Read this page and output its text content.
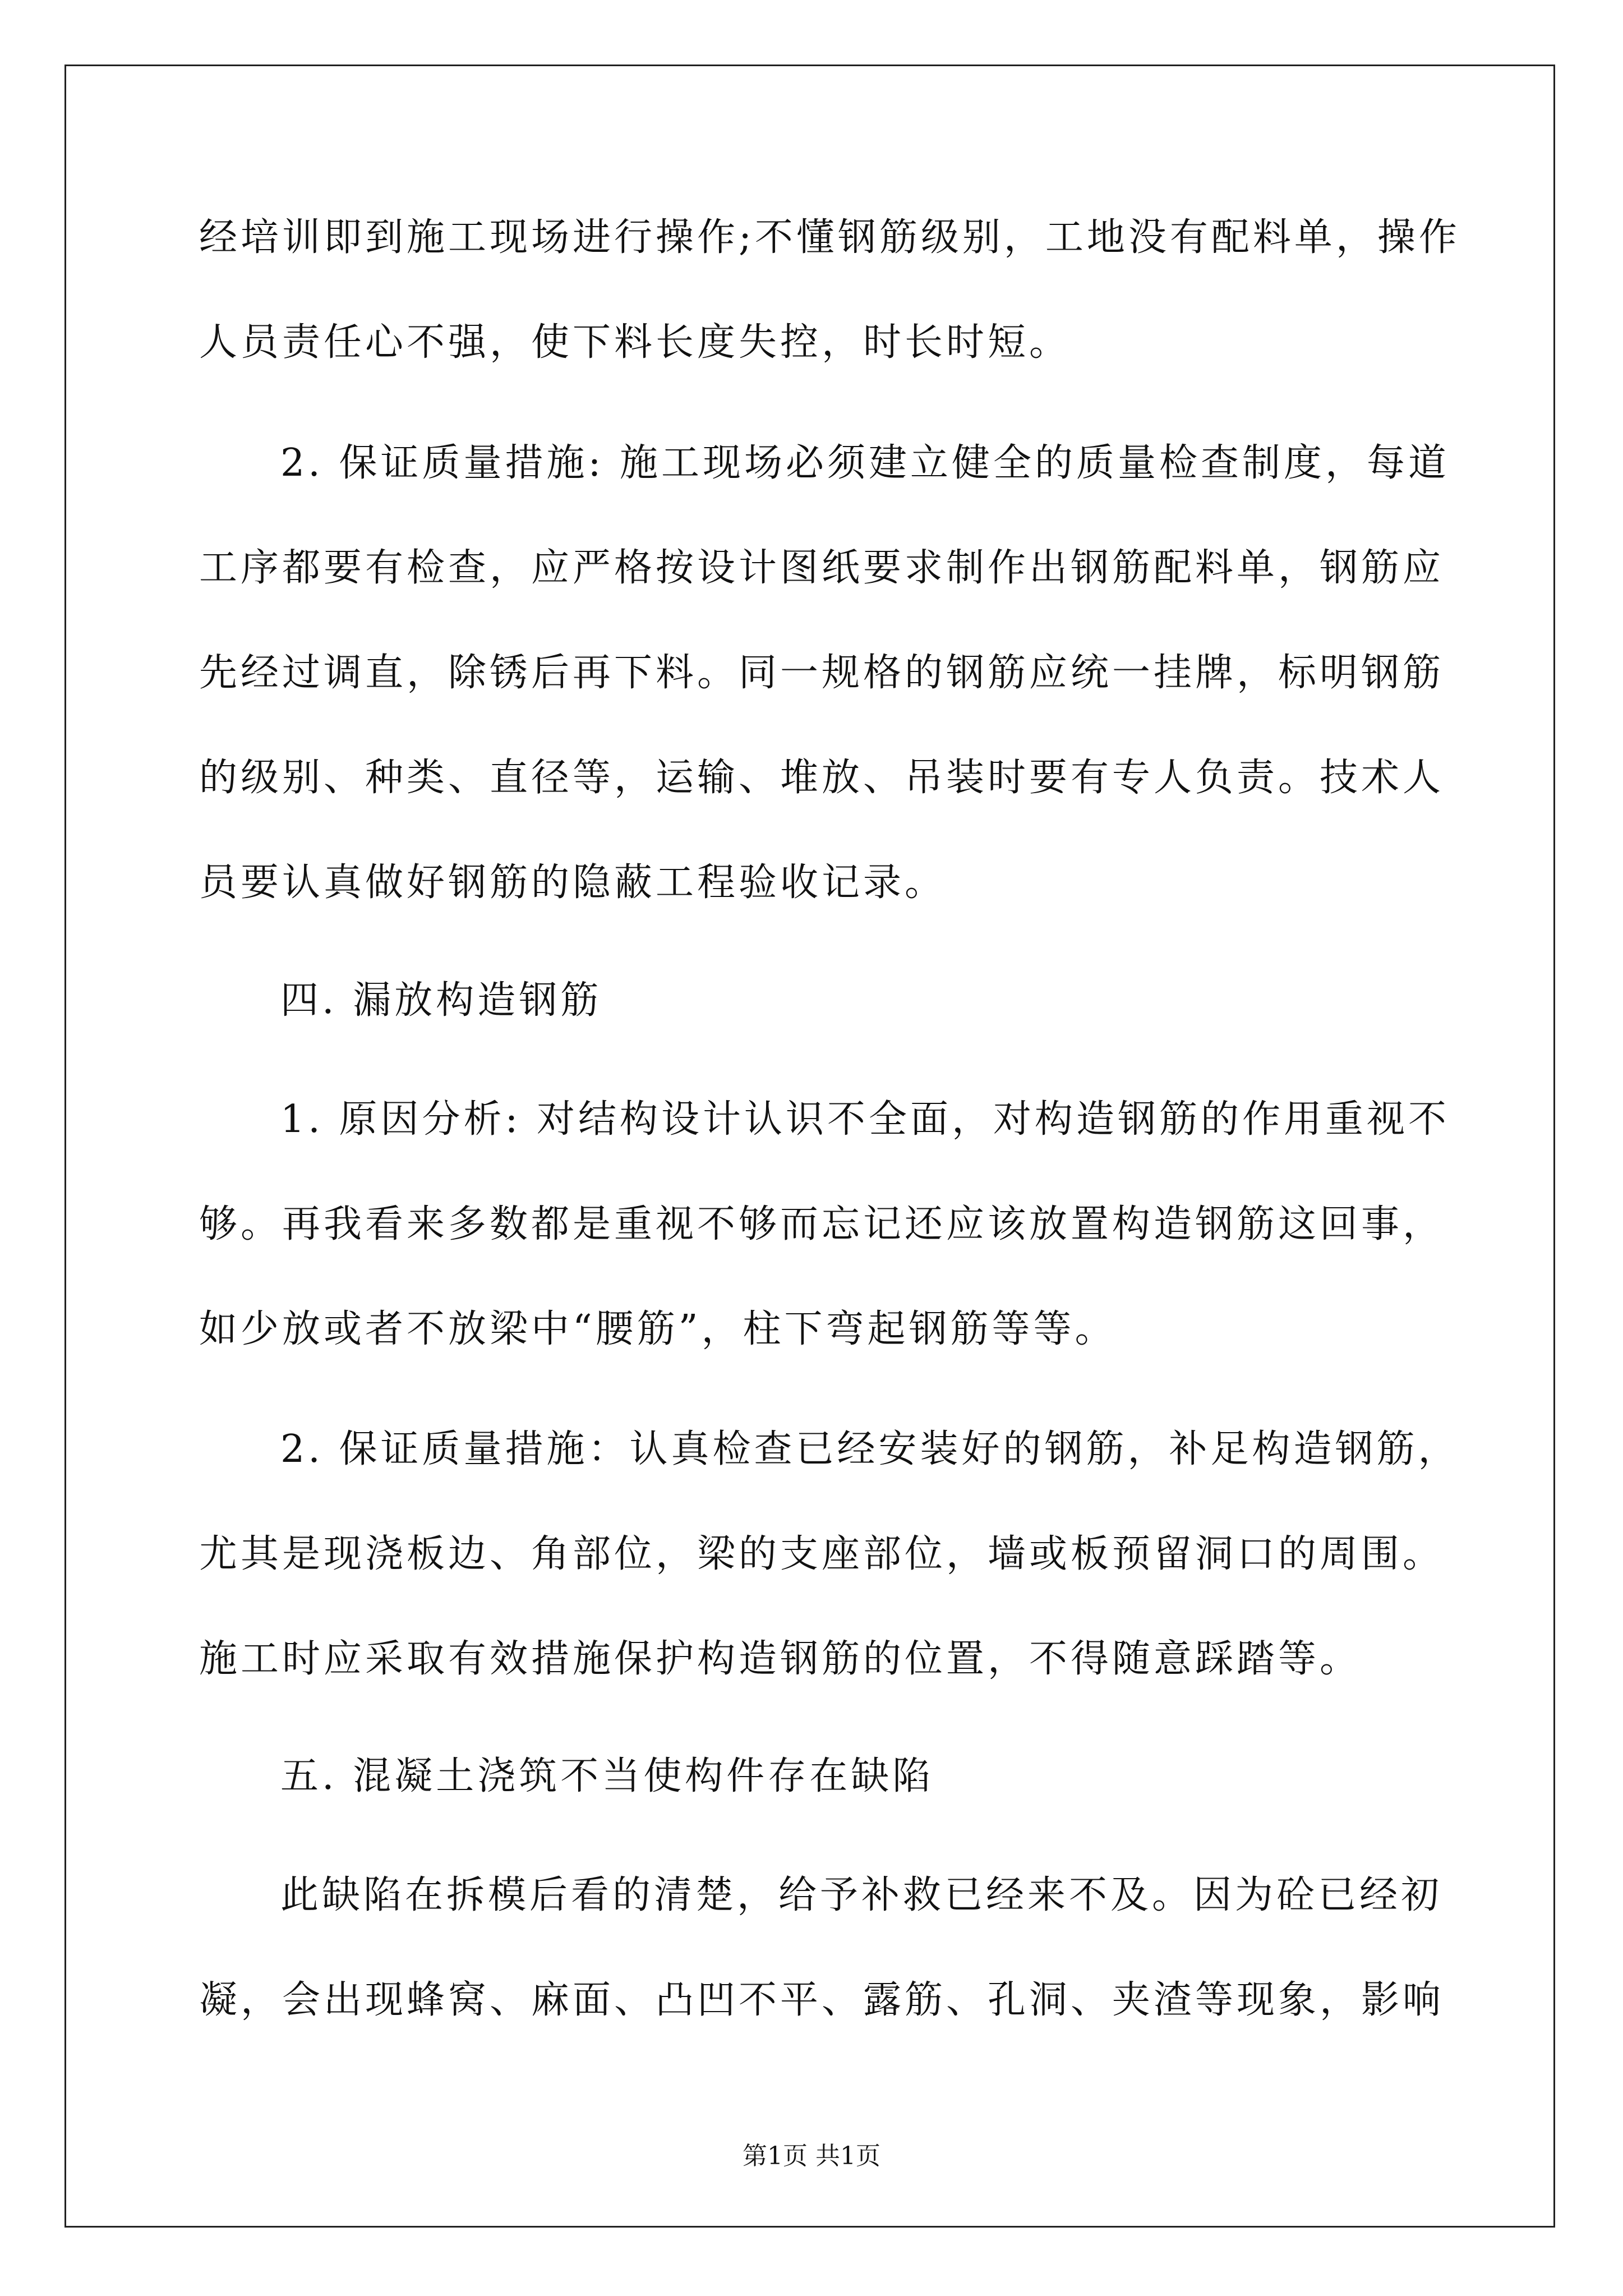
经培训即到施工现场进行操作;不懂钢筋级别，工地没有配料单，操作
人员责任心不强，使下料长度失控，时长时短。
2. 保证质量措施: 施工现场必须建立健全的质量检查制度，每道
工序都要有检查，应严格按设计图纸要求制作出钢筋配料单，钢筋应
先经过调直，除锈后再下料。同一规格的钢筋应统一挂牌，标明钢筋
的级别、种类、直径等，运输、堆放、吊装时要有专人负责。技术人
员要认真做好钢筋的隐蔽工程验收记录。
四. 漏放构造钢筋
1. 原因分析: 对结构设计认识不全面，对构造钢筋的作用重视不
够。再我看来多数都是重视不够而忘记还应该放置构造钢筋这回事，
如少放或者不放梁中“腰筋”，柱下弯起钢筋等等。
2. 保证质量措施：认真检查已经安装好的钢筋，补足构造钢筋，
尤其是现浇板边、角部位，梁的支座部位，墙或板预留洞口的周围。
施工时应采取有效措施保护构造钢筋的位置，不得随意踩踏等。
五. 混凝土浇筑不当使构件存在缺陷
此缺陷在拆模后看的清楚，给予补救已经来不及。因为砼已经初
凝，会出现蜂窝、麻面、凸凹不平、露筋、孔洞、夹渣等现象，影响
第1页 共1页
